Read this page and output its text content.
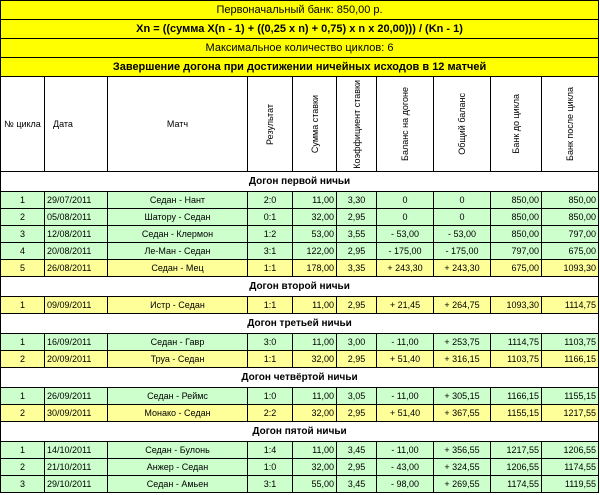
Первоначальный банк: 850,00 р.									
Xn = ((сумма X(n - 1) + ((0,25 x n) + 0,75) x n x 20,00))) / (Kn - 1)									
Максимальное количество циклов: 6									
Завершение догона при достижении ничейных исходов в 12 матчей									
№ цикла	Дата	Матч	Результат	Сумма ставки	Коэффициент ставки	Баланс на догоне	Общий баланс	Банк до цикла	Банк после цикла

Догон первой ничьи									
1	29/07/2011	Седан - Нант	2:0	11,00	3,30	0	0	850,00	850,00
2	05/08/2011	Шатору - Седан	0:1	32,00	2,95	0	0	850,00	850,00
3	12/08/2011	Седан - Клермон	1:2	53,00	3,55	- 53,00	- 53,00	850,00	797,00
4	20/08/2011	Ле-Ман - Седан	3:1	122,00	2,95	- 175,00	- 175,00	797,00	675,00
5	26/08/2011	Седан - Мец	1:1	178,00	3,35	+ 243,30	+ 243,30	675,00	1093,30
Догон второй ничьи									
1	09/09/2011	Истр - Седан	1:1	11,00	2,95	+ 21,45	+ 264,75	1093,30	1114,75
Догон третьей ничьи									
1	16/09/2011	Седан - Гавр	3:0	11,00	3,00	- 11,00	+ 253,75	1114,75	1103,75
2	20/09/2011	Труа - Седан	1:1	32,00	2,95	+ 51,40	+ 316,15	1103,75	1166,15
Догон четвёртой ничьи									
1	26/09/2011	Седан - Реймс	1:0	11,00	3,05	- 11,00	+ 305,15	1166,15	1155,15
2	30/09/2011	Монако - Седан	2:2	32,00	2,95	+ 51,40	+ 367,55	1155,15	1217,55
Догон пятой ничьи									
1	14/10/2011	Седан - Булонь	1:4	11,00	3,45	- 11,00	+ 356,55	1217,55	1206,55
2	21/10/2011	Анжер - Седан	1:0	32,00	2,95	- 43,00	+ 324,55	1206,55	1174,55
3	29/10/2011	Седан - Амьен	3:1	55,00	3,45	- 98,00	+ 269,55	1174,55	1119,55
